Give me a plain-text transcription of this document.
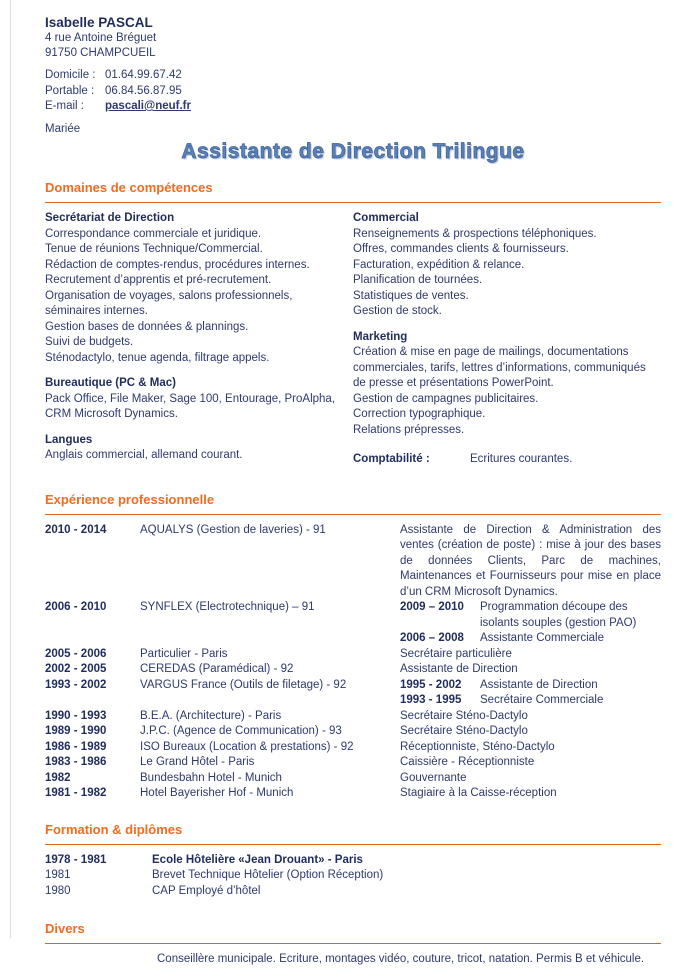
Isabelle PASCAL
4 rue Antoine Bréguet
91750 CHAMPCUEIL
Domicile : 01.64.99.67.42
Portable : 06.84.56.87.95
E-mail :	pascali@neuf.fr
Mariée
Assistante de Direction Trilingue
Domaines de compétences
Secrétariat de Direction
Correspondance commerciale et juridique.
Tenue de réunions Technique/Commercial.
Rédaction de comptes-rendus, procédures internes.
Recrutement d’apprentis et pré-recrutement.
Organisation de voyages, salons professionnels, séminaires internes.
Gestion bases de données & plannings.
Suivi de budgets.
Sténodactylo, tenue agenda, filtrage appels.
Bureautique (PC & Mac)
Pack Office, File Maker, Sage 100, Entourage, ProAlpha, CRM Microsoft Dynamics.
Langues
Anglais commercial, allemand courant.
Commercial
Renseignements & prospections téléphoniques.
Offres, commandes clients & fournisseurs.
Facturation, expédition & relance.
Planification de tournées.
Statistiques de ventes.
Gestion de stock.
Marketing
Création & mise en page de mailings, documentations commerciales, tarifs, lettres d’informations, communiqués de presse et présentations PowerPoint.
Gestion de campagnes publicitaires.
Correction typographique.
Relations prépresses.
Comptabilité :	Ecritures courantes.
Expérience professionnelle
2010 - 2014	AQUALYS (Gestion de laveries) - 91	Assistante de Direction & Administration des ventes (création de poste) : mise à jour des bases de données Clients, Parc de machines, Maintenances et Fournisseurs pour mise en place d’un CRM Microsoft Dynamics.
2006 - 2010	SYNFLEX (Electrotechnique) – 91	2009 – 2010	Programmation découpe des isolants souples (gestion PAO)
2006 – 2008	Assistante Commerciale
2005 - 2006	Particulier - Paris	Secrétaire particulière
2002 - 2005	CEREDAS (Paramédical) - 92	Assistante de Direction
1993 - 2002	VARGUS France (Outils de filetage) - 92	1995 - 2002	Assistante de Direction
1993 - 1995	Secrétaire Commerciale
1990 - 1993	B.E.A. (Architecture) - Paris	Secrétaire Sténo-Dactylo
1989 - 1990	J.P.C. (Agence de Communication) - 93	Secrétaire Sténo-Dactylo
1986 - 1989	ISO Bureaux (Location & prestations) - 92	Réceptionniste, Sténo-Dactylo
1983 - 1986	Le Grand Hôtel - Paris	Caissière - Réceptionniste
1982	Bundesbahn Hotel - Munich	Gouvernante
1981 - 1982	Hotel Bayerisher Hof - Munich	Stagiaire à la Caisse-réception
Formation & diplômes
1978 - 1981	Ecole Hôtelière «Jean Drouant» - Paris
1981	Brevet Technique Hôtelier (Option Réception)
1980	CAP Employé d’hôtel
Divers
Conseillère municipale. Ecriture, montages vidéo, couture, tricot, natation. Permis B et véhicule.
